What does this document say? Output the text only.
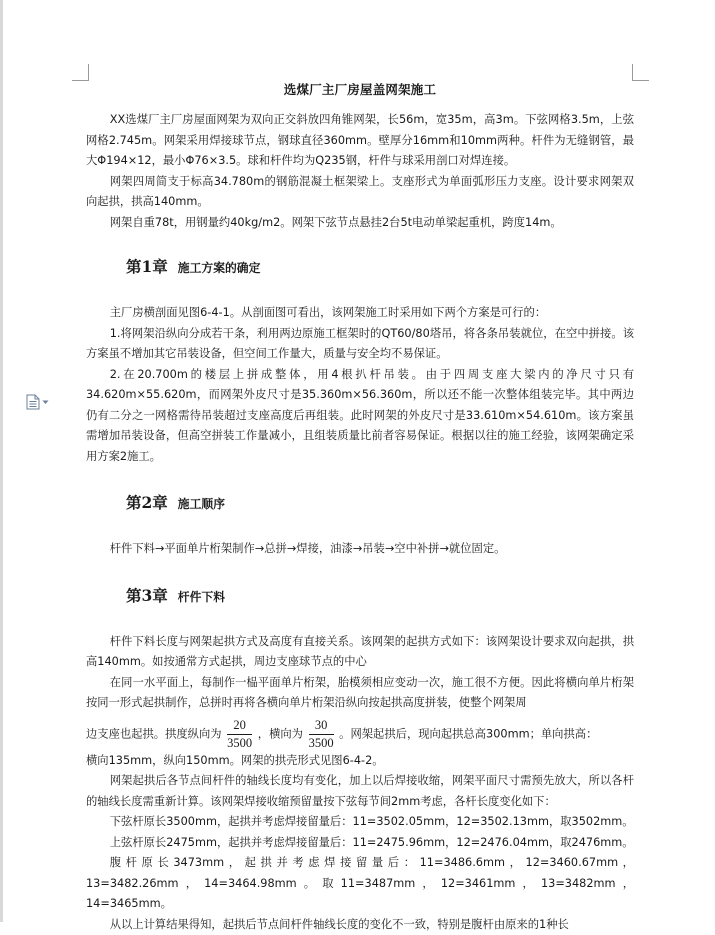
选煤厂主厂房屋盖网架施工

XX选煤厂主厂房屋面网架为双向正交斜放四角锥网架，长56m，宽35m，高3m。下弦网格3.5m，上弦网格2.745m。网架采用焊接球节点，钢球直径360mm。壁厚分16mm和10mm两种。杆件为无缝钢管，最大Φ194×12，最小Φ76×3.5。球和杆件均为Q235钢，杆件与球采用剖口对焊连接。

网架四周简支于标高34.780m的钢筋混凝土框架梁上。支座形式为单面弧形压力支座。设计要求网架双向起拱，拱高140mm。

网架自重78t，用钢量约40kg/m2。网架下弦节点悬挂2台5t电动单梁起重机，跨度14m。

第1章 施工方案的确定

主厂房横剖面见图6-4-1。从剖面图可看出，该网架施工时采用如下两个方案是可行的：

1.将网架沿纵向分成若干条，利用两边原施工框架时的QT60/80塔吊，将各条吊装就位，在空中拼接。该方案虽不增加其它吊装设备，但空间工作量大，质量与安全均不易保证。

2.在20.700m的楼层上拼成整体，用4根扒杆吊装。由于四周支座大梁内的净尺寸只有34.620m×55.620m，而网架外皮尺寸是35.360m×56.360m，所以还不能一次整体组装完毕。其中两边仍有二分之一网格需待吊装超过支座高度后再组装。此时网架的外皮尺寸是33.610m×54.610m。该方案虽需增加吊装设备，但高空拼装工作量减小，且组装质量比前者容易保证。根据以往的施工经验，该网架确定采用方案2施工。

第2章 施工顺序

杆件下料→平面单片桁架制作→总拼→焊接，油漆→吊装→空中补拼→就位固定。

第3章 杆件下料

杆件下料长度与网架起拱方式及高度有直接关系。该网架的起拱方式如下：该网架设计要求双向起拱，拱高140mm。如按通常方式起拱，周边支座球节点的中心

在同一水平面上，每制作一榀平面单片桁架，胎模须相应变动一次，施工很不方便。因此将横向单片桁架按同一形式起拱制作，总拼时再将各横向单片桁架沿纵向按起拱高度拼装，使整个网架周

边支座也起拱。拱度纵向为 $\frac{20}{3500}$ ，横向为 $\frac{30}{3500}$ 。网架起拱后，现向起拱总高300mm；单向拱高：

横向135mm，纵向150mm。网架的拱壳形式见图6-4-2。

网架起拱后各节点间杆件的轴线长度均有变化，加上以后焊接收缩，网架平面尺寸需预先放大，所以各杆的轴线长度需重新计算。该网架焊接收缩预留量按下弦每节间2mm考虑，各杆长度变化如下：

下弦杆原长3500mm，起拱并考虑焊接留量后：11=3502.05mm，12=3502.13mm，取3502mm。

上弦杆原长2475mm，起拱并考虑焊接留量后：11=2475.96mm，12=2476.04mm，取2476mm。

腹杆原长3473mm，起拱并考虑焊接留量后：11=3486.6mm，12=3460.67mm，13=3482.26mm，14=3464.98mm。取11=3487mm，12=3461mm，13=3482mm，14=3465mm。

从以上计算结果得知，起拱后节点间杆件轴线长度的变化不一致，特别是腹杆由原来的1种长
